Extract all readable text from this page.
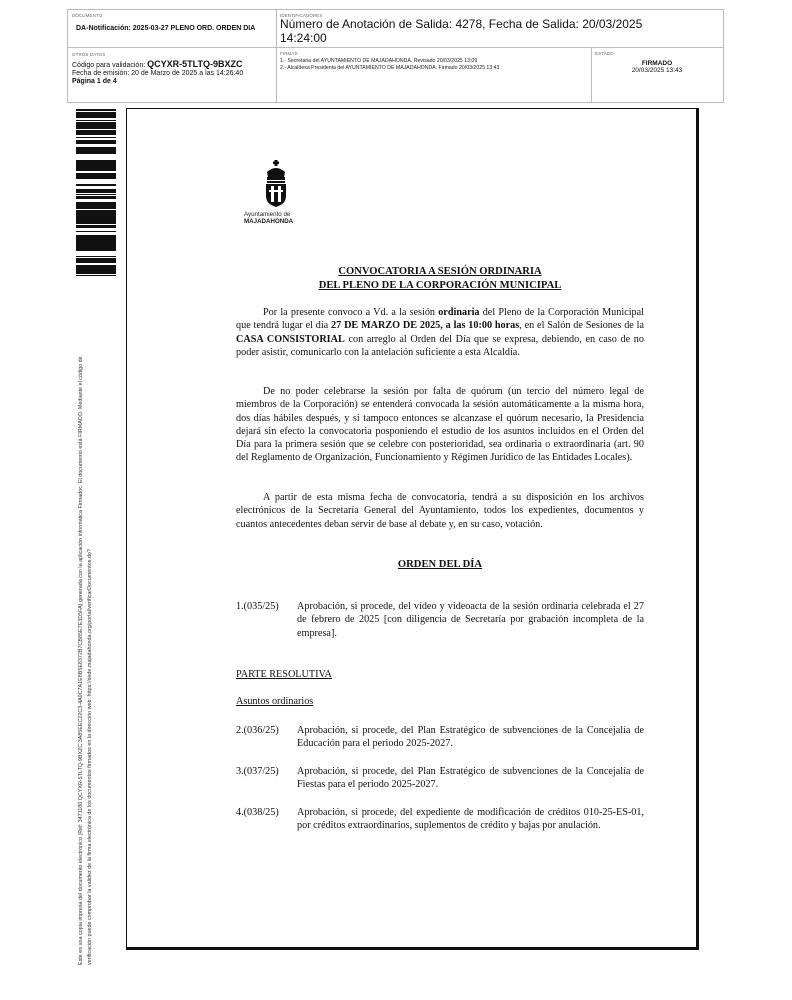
DOCUMENTO
DA-Notificación: 2025-03-27 PLENO ORD. ORDEN DIA
IDENTIFICADORES
Número de Anotación de Salida: 4278, Fecha de Salida: 20/03/2025 14:24:00
OTROS DATOS
Código para validación: QCYXR-5TLTQ-9BXZC
Fecha de emisión: 20 de Marzo de 2025 a las 14:26:40
Página 1 de 4
FIRMAS
1.- Secretaria del AYUNTAMIENTO DE MAJADAHONDA. Revisado 20/03/2025 13:09
2.- Alcaldesa Presidenta del AYUNTAMIENTO DE MAJADAHONDA. Firmado 20/03/2025 13:43
ESTADO
FIRMADO
20/03/2025 13:43
Este es una copia impresa del documento electrónico (Ref: 3471180 QCYXR-5TLTQ-9BXZC 3A85EEC22C3-4A0C7A1E8B5E8372B7CB85E7E3D5FA) generada con la aplicación informática Firmadoc. El documento está FIRMADO. Mediante el código de verificación puede comprobar la validez de la firma electrónica de los documentos firmados en la dirección web: https://sede.majadahonda.org/portal/verificarDocumentos.do?
Ayuntamiento de
MAJADAHONDA
CONVOCATORIA A SESIÓN ORDINARIA
DEL PLENO DE LA CORPORACIÓN MUNICIPAL
Por la presente convoco a Vd. a la sesión ordinaria del Pleno de la Corporación Municipal que tendrá lugar el día 27 DE MARZO DE 2025, a las 10:00 horas, en el Salón de Sesiones de la CASA CONSISTORIAL con arreglo al Orden del Día que se expresa, debiendo, en caso de no poder asistir, comunicarlo con la antelación suficiente a esta Alcaldía.
De no poder celebrarse la sesión por falta de quórum (un tercio del número legal de miembros de la Corporación) se entenderá convocada la sesión automáticamente a la misma hora, dos días hábiles después, y si tampoco entonces se alcanzase el quórum necesario, la Presidencia dejará sin efecto la convocatoria posponiendo el estudio de los asuntos incluidos en el Orden del Día para la primera sesión que se celebre con posterioridad, sea ordinaria o extraordinaria (art. 90 del Reglamento de Organización, Funcionamiento y Régimen Jurídico de las Entidades Locales).
A partir de esta misma fecha de convocatoria, tendrá a su disposición en los archivos electrónicos de la Secretaría General del Ayuntamiento, todos los expedientes, documentos y cuantos antecedentes deban servir de base al debate y, en su caso, votación.
ORDEN DEL DÍA
1.(035/25) Aprobación, si procede, del vídeo y videoacta de la sesión ordinaria celebrada el 27 de febrero de 2025 [con diligencia de Secretaría por grabación incompleta de la empresa].
PARTE RESOLUTIVA
Asuntos ordinarios
2.(036/25) Aprobación, si procede, del Plan Estratégico de subvenciones de la Concejalía de Educación para el periodo 2025-2027.
3.(037/25) Aprobación, si procede, del Plan Estratégico de subvenciones de la Concejalía de Fiestas para el periodo 2025-2027.
4.(038/25) Aprobación, si procede, del expediente de modificación de créditos 010-25-ES-01, por créditos extraordinarios, suplementos de crédito y bajas por anulación.
